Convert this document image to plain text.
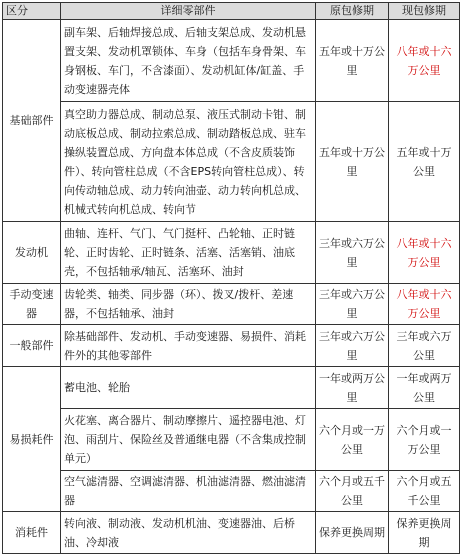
区分	详细零部件	原包修期	现包修期
基础部件	副车架、后轴焊接总成、后轴支架总成、发动机悬置支架、发动机罩锁体、车身（包括车身骨架、车身钢板、车门，不含漆面）、发动机缸体/缸盖、手动变速器壳体	五年或十万公里	八年或十六万公里
	真空助力器总成、制动总泵、液压式制动卡钳、制动底板总成、制动拉索总成、制动踏板总成、驻车操纵装置总成、方向盘本体总成（不含皮质装饰件）、转向管柱总成（不含EPS转向管柱总成）、转向传动轴总成、动力转向油壶、动力转向机总成、机械式转向机总成、转向节	五年或十万公里	五年或十万公里
发动机	曲轴、连杆、气门、气门挺杆、凸轮轴、正时链轮、正时齿轮、正时链条、活塞、活塞销、油底壳，不包括轴承/轴瓦、活塞环、油封	三年或六万公里	八年或十六万公里
手动变速器	齿轮类、轴类、同步器（环）、拨叉/拨杆、差速器，不包括轴承、油封	三年或六万公里	八年或十六万公里
一般部件	除基础部件、发动机、手动变速器、易损件、消耗件外的其他零部件	三年或六万公里	三年或六万公里
易损耗件	蓄电池、轮胎	一年或两万公里	一年或两万公里
	火花塞、离合器片、制动摩擦片、遥控器电池、灯泡、雨刮片、保险丝及普通继电器（不含集成控制单元）	六个月或一万公里	六个月或一万公里
	空气滤清器、空调滤清器、机油滤清器、燃油滤清器	六个月或五千公里	六个月或五千公里
消耗件	转向液、制动液、发动机机油、变速器油、后桥油、冷却液	保养更换周期	保养更换周期
